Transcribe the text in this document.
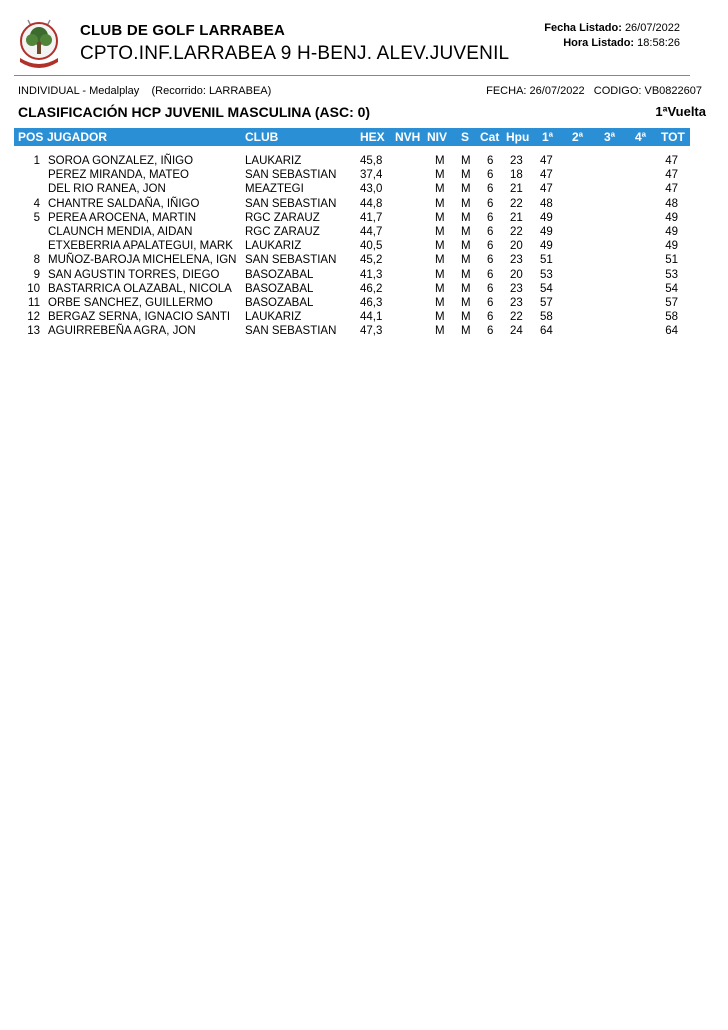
CLUB DE GOLF LARRABEA
CPTO.INF.LARRABEA 9 H-BENJ. ALEV.JUVENIL
Fecha Listado: 26/07/2022
Hora Listado: 18:58:26
INDIVIDUAL - Medalplay (Recorrido: LARRABEA)	FECHA: 26/07/2022 CODIGO: VB0822607
CLASIFICACIÓN HCP JUVENIL MASCULINA (ASC: 0)	1ªVuelta
POS JUGADOR	CLUB	HEX NVH NIV S Cat Hpu 1ª 2ª 3ª 4ª TOT
1 SOROA GONZALEZ, IÑIGO	LAUKARIZ	45,8	M M 6 23 47	47
PEREZ MIRANDA, MATEO	SAN SEBASTIAN 37,4	M M 6 18 47	47
DEL RIO RANEA, JON	MEAZTEGI	43,0	M M 6 21 47	47
4 CHANTRE SALDAÑA, IÑIGO	SAN SEBASTIAN 44,8	M M 6 22 48	48
5 PEREA AROCENA, MARTIN	RGC ZARAUZ	41,7	M M 6 21 49	49
CLAUNCH MENDIA, AIDAN	RGC ZARAUZ	44,7	M M 6 22 49	49
ETXEBERRIA APALATEGUI, MARK LAUKARIZ	40,5	M M 6 20 49	49
8 MUÑOZ-BAROJA MICHELENA, IGN SAN SEBASTIAN 45,2	M M 6 23 51	51
9 SAN AGUSTIN TORRES, DIEGO BASOZABAL	41,3	M M 6 20 53	53
10 BASTARRICA OLAZABAL, NICOLA BASOZABAL	46,2	M M 6 23 54	54
11 ORBE SANCHEZ, GUILLERMO	BASOZABAL	46,3	M M 6 23 57	57
12 BERGAZ SERNA, IGNACIO SANTI LAUKARIZ	44,1	M M 6 22 58	58
13 AGUIRREBEÑA AGRA, JON	SAN SEBASTIAN 47,3	M M 6 24 64	64
